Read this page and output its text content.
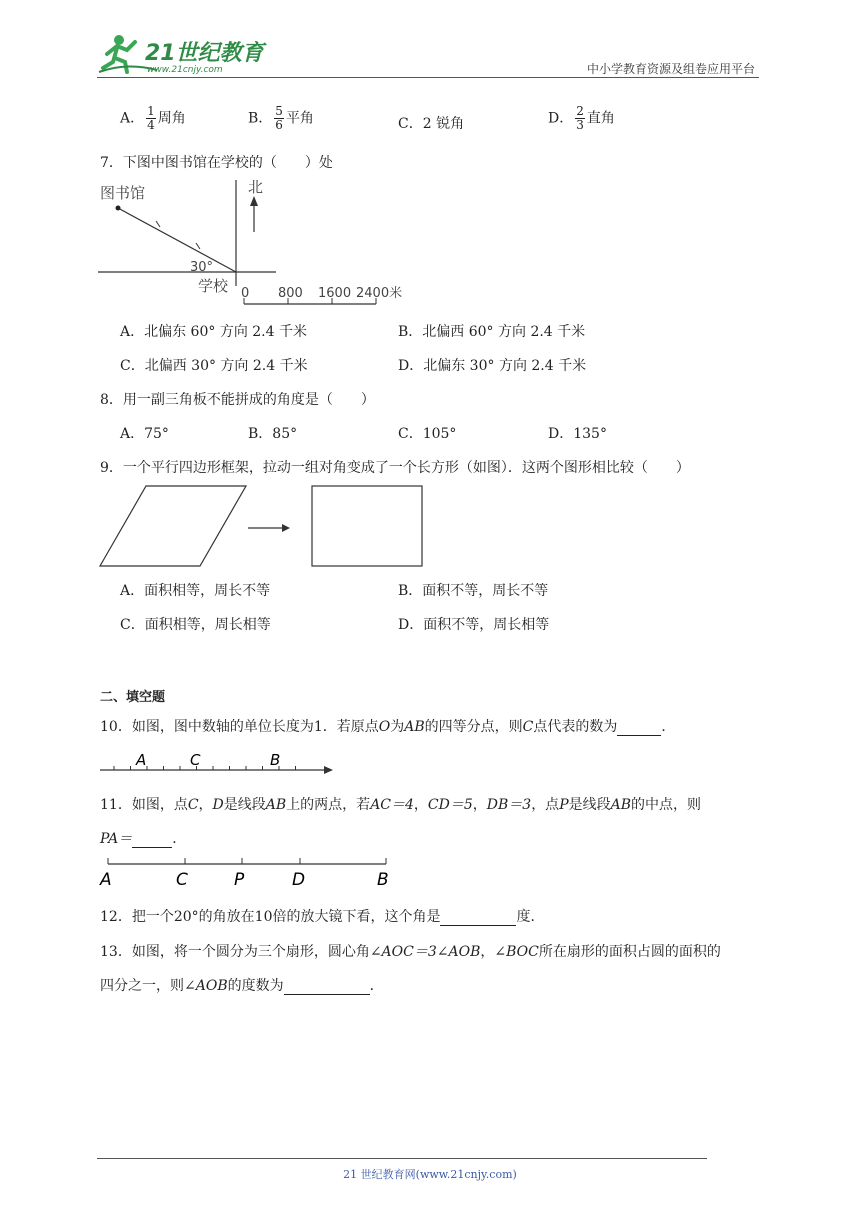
21世纪教育
www.21cnjy.com	中小学教育资源及组卷应用平台
A． $\frac{1}{4}$ 周角	B． $\frac{5}{6}$ 平角	C．2 锐角	D． $\frac{2}{3}$ 直角
7．下图中图书馆在学校的（　　）处
图书馆	北
30°
学校 0 800 1600 2400米
A．北偏东 60° 方向 2.4 千米	B．北偏西 60° 方向 2.4 千米
C．北偏西 30° 方向 2.4 千米	D．北偏东 30° 方向 2.4 千米
8．用一副三角板不能拼成的角度是（　　）
A．75°	B．85°	C．105°	D．135°
9．一个平行四边形框架，拉动一组对角变成了一个长方形（如图）．这两个图形相比较（　　）
A．面积相等，周长不等	B．面积不等，周长不等
C．面积相等，周长相等	D．面积不等，周长相等
二、填空题
10．如图，图中数轴的单位长度为1．若原点O为AB的四等分点，则C点代表的数为	．
A	C	B
11．如图，点C，D是线段AB上的两点，若AC＝4，CD＝5，DB＝3，点P是线段AB的中点，则
PA＝	．
A	C	P	D	B
12．把一个20°的角放在10倍的放大镜下看，这个角是	度．
13．如图，将一个圆分为三个扇形，圆心角∠AOC＝3∠AOB，∠BOC所在扇形的面积占圆的面积的
四分之一，则∠AOB的度数为	．
21 世纪教育网(www.21cnjy.com)
